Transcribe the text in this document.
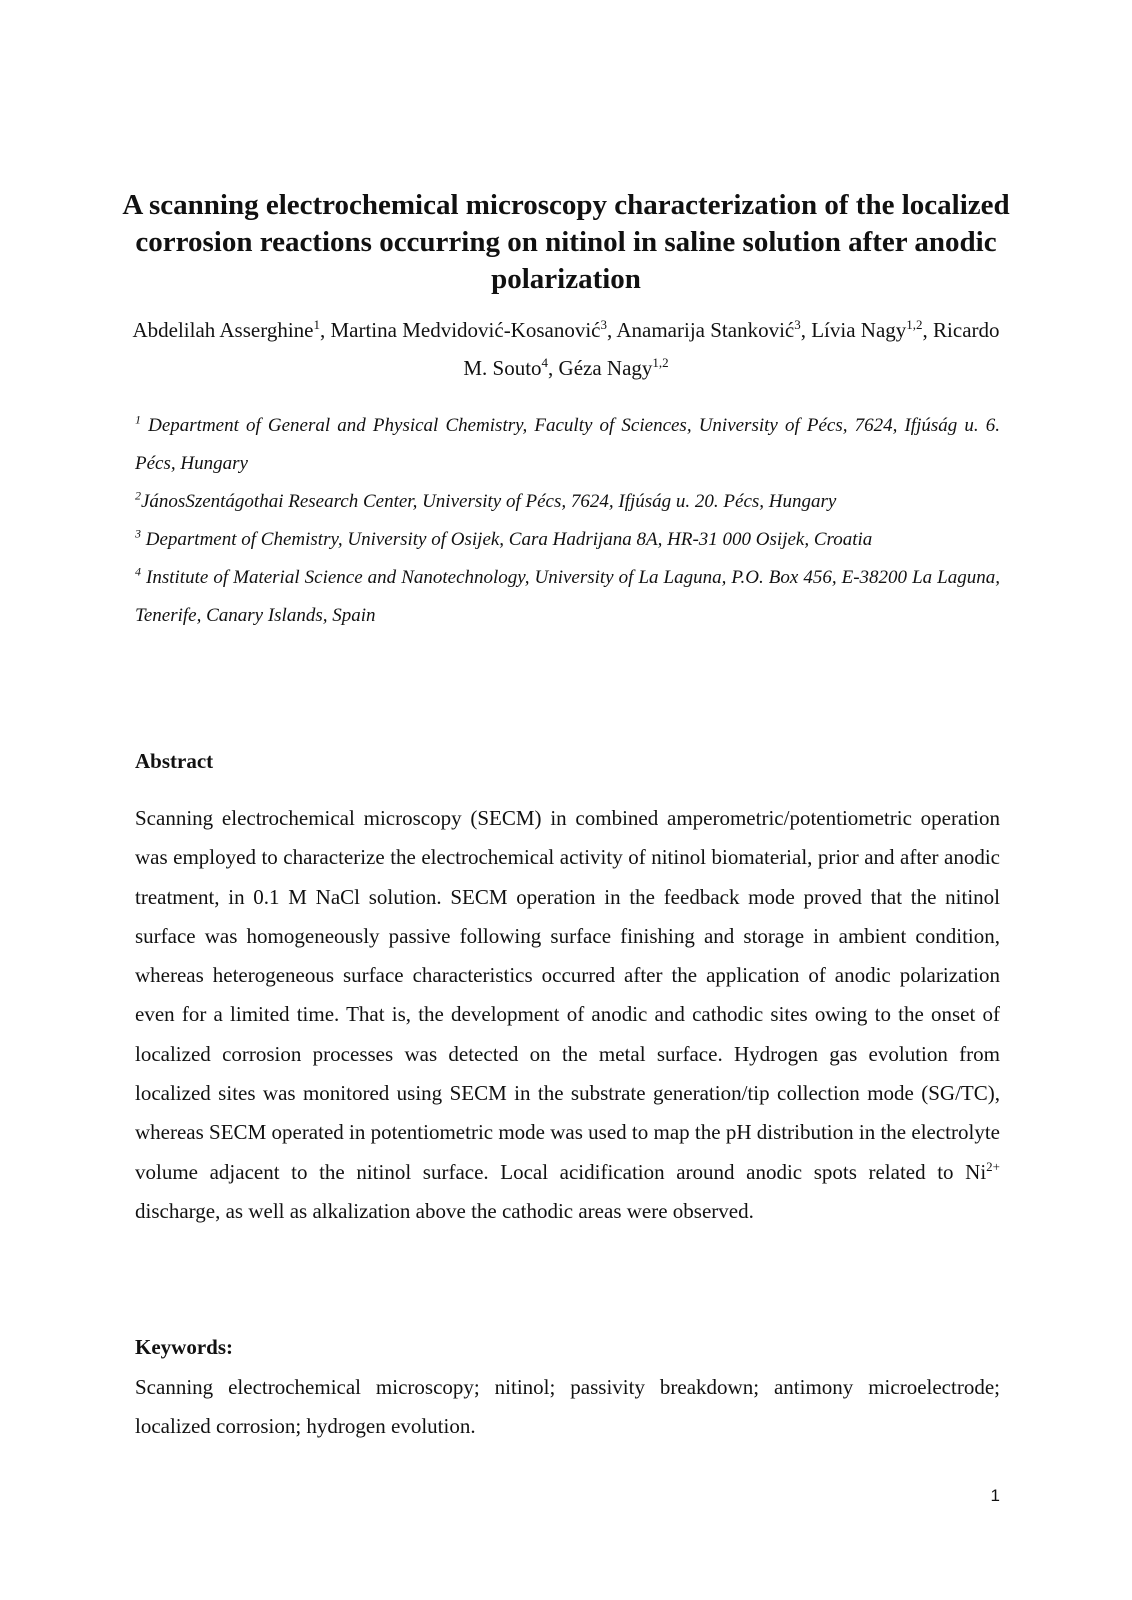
A scanning electrochemical microscopy characterization of the localized corrosion reactions occurring on nitinol in saline solution after anodic polarization

Abdelilah Asserghine$^1$, Martina Medvidović-Kosanović$^3$, Anamarija Stanković$^3$, Lívia Nagy$^{1,2}$, Ricardo M. Souto$^4$, Géza Nagy$^{1,2}$

$^1$ Department of General and Physical Chemistry, Faculty of Sciences, University of Pécs, 7624, Ifjúság u. 6. Pécs, Hungary
$^2$JánosSzentágothai Research Center, University of Pécs, 7624, Ifjúság u. 20. Pécs, Hungary
$^3$ Department of Chemistry, University of Osijek, Cara Hadrijana 8A, HR-31 000 Osijek, Croatia
$^4$ Institute of Material Science and Nanotechnology, University of La Laguna, P.O. Box 456, E-38200 La Laguna, Tenerife, Canary Islands, Spain
Abstract

Scanning electrochemical microscopy (SECM) in combined amperometric/potentiometric operation was employed to characterize the electrochemical activity of nitinol biomaterial, prior and after anodic treatment, in 0.1 M NaCl solution. SECM operation in the feedback mode proved that the nitinol surface was homogeneously passive following surface finishing and storage in ambient condition, whereas heterogeneous surface characteristics occurred after the application of anodic polarization even for a limited time. That is, the development of anodic and cathodic sites owing to the onset of localized corrosion processes was detected on the metal surface. Hydrogen gas evolution from localized sites was monitored using SECM in the substrate generation/tip collection mode (SG/TC), whereas SECM operated in potentiometric mode was used to map the pH distribution in the electrolyte volume adjacent to the nitinol surface. Local acidification around anodic spots related to $Ni^{2+}$ discharge, as well as alkalization above the cathodic areas were observed.

Keywords:

Scanning electrochemical microscopy; nitinol; passivity breakdown; antimony microelectrode; localized corrosion; hydrogen evolution.

1
